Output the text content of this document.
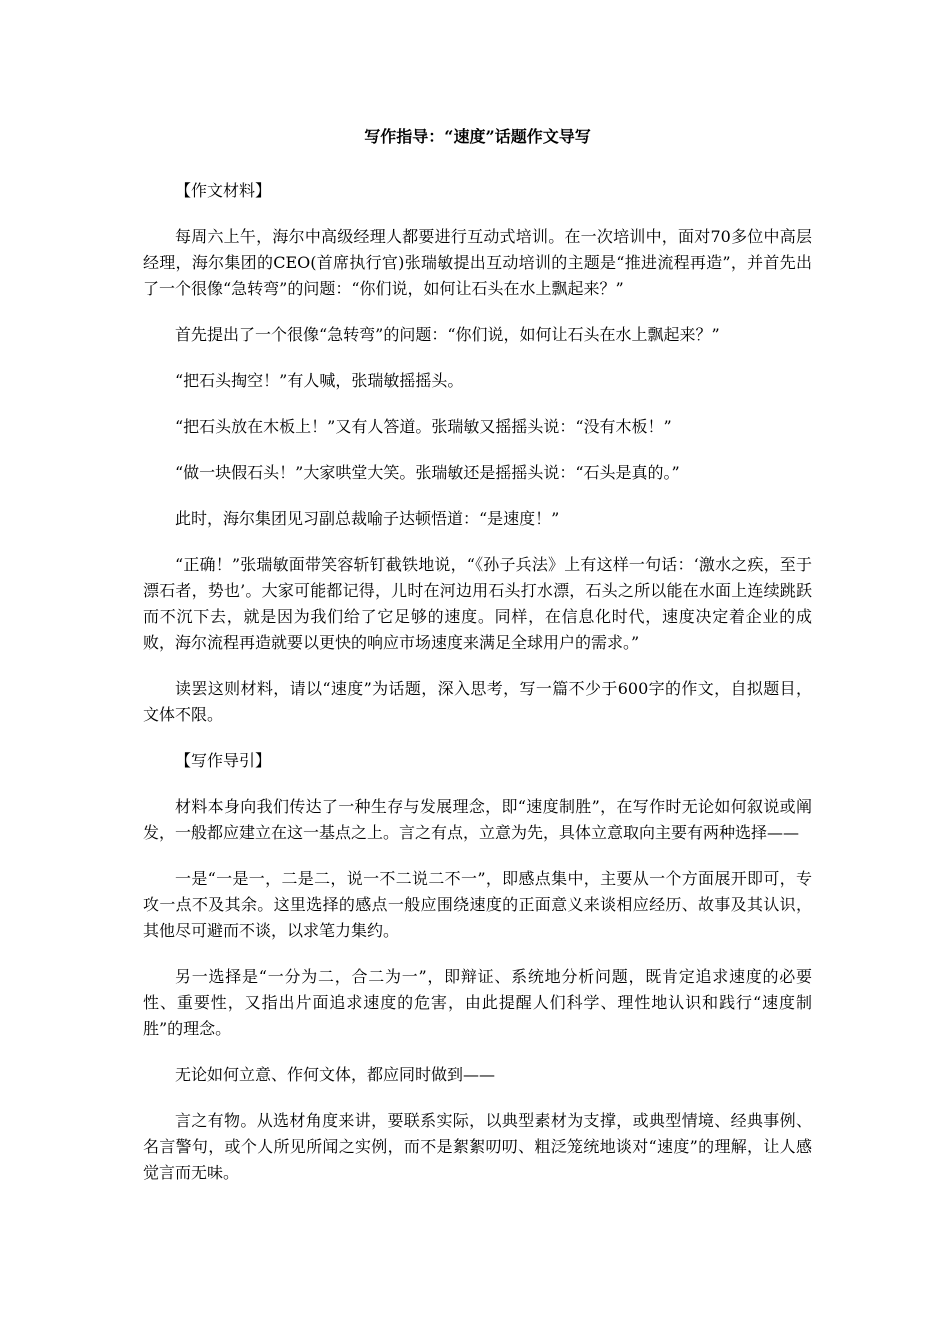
写作指导：“速度”话题作文导写
【作文材料】
每周六上午，海尔中高级经理人都要进行互动式培训。在一次培训中，面对70多位中高层经理，海尔集团的CEO(首席执行官)张瑞敏提出互动培训的主题是“推进流程再造”，并首先出了一个很像“急转弯”的问题：“你们说，如何让石头在水上飘起来？”
首先提出了一个很像“急转弯”的问题：“你们说，如何让石头在水上飘起来？”
“把石头掏空！”有人喊，张瑞敏摇摇头。
“把石头放在木板上！”又有人答道。张瑞敏又摇摇头说：“没有木板！”
“做一块假石头！”大家哄堂大笑。张瑞敏还是摇摇头说：“石头是真的。”
此时，海尔集团见习副总裁喻子达顿悟道：“是速度！”
“正确！”张瑞敏面带笑容斩钉截铁地说，“《孙子兵法》上有这样一句话：‘激水之疾，至于漂石者，势也’。大家可能都记得，儿时在河边用石头打水漂，石头之所以能在水面上连续跳跃而不沉下去，就是因为我们给了它足够的速度。同样，在信息化时代，速度决定着企业的成败，海尔流程再造就要以更快的响应市场速度来满足全球用户的需求。”
读罢这则材料，请以“速度”为话题，深入思考，写一篇不少于600字的作文，自拟题目，文体不限。
【写作导引】
材料本身向我们传达了一种生存与发展理念，即“速度制胜”，在写作时无论如何叙说或阐发，一般都应建立在这一基点之上。言之有点，立意为先，具体立意取向主要有两种选择——
一是“一是一，二是二，说一不二说二不一”，即感点集中，主要从一个方面展开即可，专攻一点不及其余。这里选择的感点一般应围绕速度的正面意义来谈相应经历、故事及其认识，其他尽可避而不谈，以求笔力集约。
另一选择是“一分为二，合二为一”，即辩证、系统地分析问题，既肯定追求速度的必要性、重要性，又指出片面追求速度的危害，由此提醒人们科学、理性地认识和践行“速度制胜”的理念。
无论如何立意、作何文体，都应同时做到——
言之有物。从选材角度来讲，要联系实际，以典型素材为支撑，或典型情境、经典事例、名言警句，或个人所见所闻之实例，而不是絮絮叨叨、粗泛笼统地谈对“速度”的理解，让人感觉言而无味。
